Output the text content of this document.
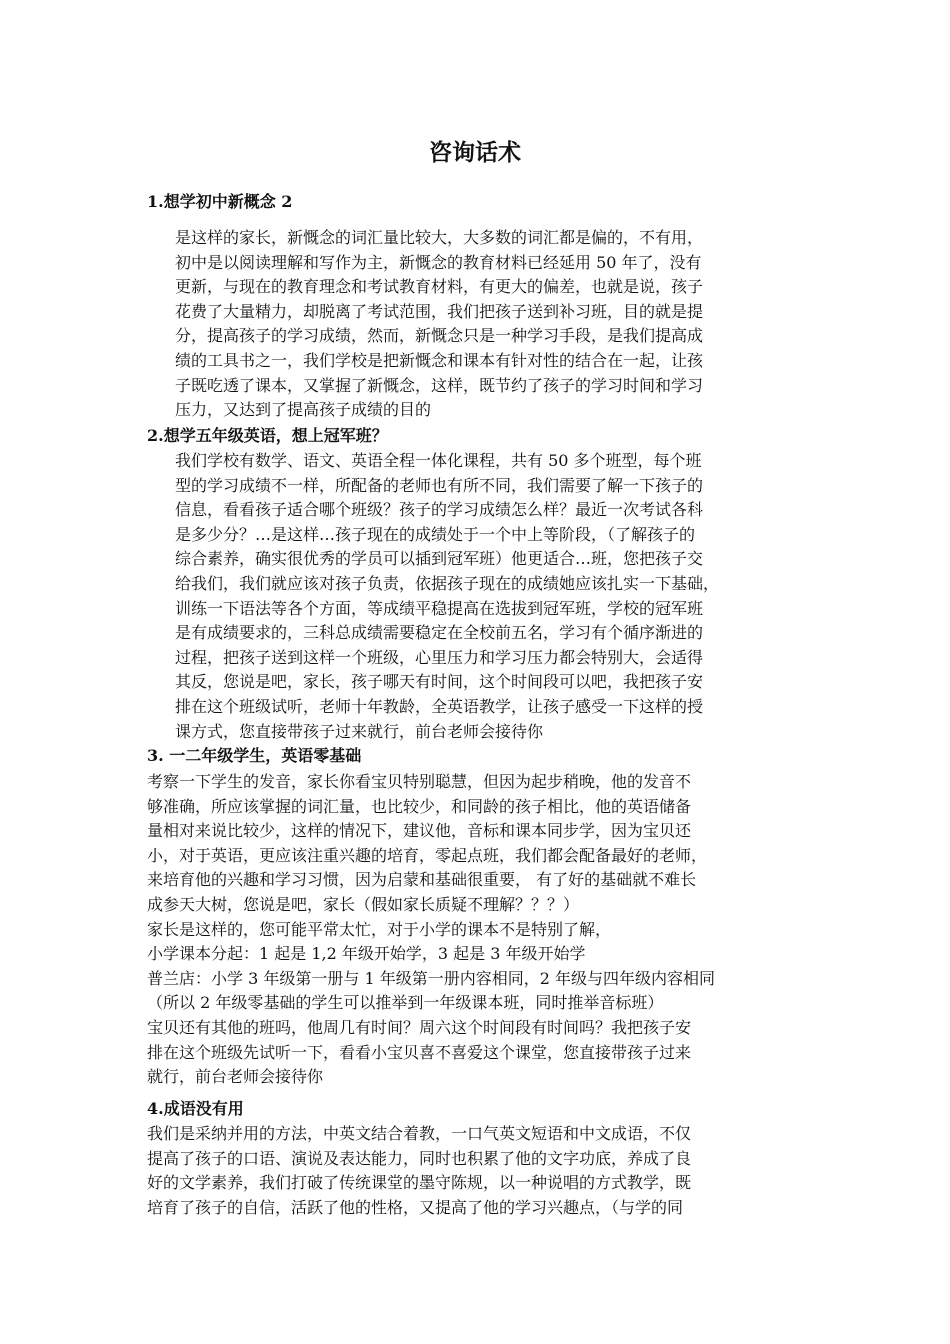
咨询话术
1.想学初中新概念 2
是这样的家长，新慨念的词汇量比较大，大多数的词汇都是偏的，不有用，
初中是以阅读理解和写作为主，新慨念的教育材料已经延用 50 年了，没有
更新，与现在的教育理念和考试教育材料，有更大的偏差，也就是说，孩子
花费了大量精力，却脱离了考试范围，我们把孩子送到补习班，目的就是提
分，提高孩子的学习成绩，然而，新慨念只是一种学习手段，是我们提高成
绩的工具书之一，我们学校是把新慨念和课本有针对性的结合在一起，让孩
子既吃透了课本，又掌握了新慨念，这样，既节约了孩子的学习时间和学习
压力，又达到了提高孩子成绩的目的
2.想学五年级英语，想上冠军班？
我们学校有数学、语文、英语全程一体化课程，共有 50 多个班型，每个班
型的学习成绩不一样，所配备的老师也有所不同，我们需要了解一下孩子的
信息，看看孩子适合哪个班级？孩子的学习成绩怎么样？最近一次考试各科
是多少分？…是这样…孩子现在的成绩处于一个中上等阶段，（了解孩子的
综合素养，确实很优秀的学员可以插到冠军班）他更适合…班，您把孩子交
给我们，我们就应该对孩子负责，依据孩子现在的成绩她应该扎实一下基础，
训练一下语法等各个方面，等成绩平稳提高在选拔到冠军班，学校的冠军班
是有成绩要求的，三科总成绩需要稳定在全校前五名，学习有个循序渐进的
过程，把孩子送到这样一个班级，心里压力和学习压力都会特别大，会适得
其反，您说是吧，家长，孩子哪天有时间，这个时间段可以吧，我把孩子安
排在这个班级试听，老师十年教龄，全英语教学，让孩子感受一下这样的授
课方式，您直接带孩子过来就行，前台老师会接待你
3. 一二年级学生，英语零基础
考察一下学生的发音，家长你看宝贝特别聪慧，但因为起步稍晚，他的发音不
够准确，所应该掌握的词汇量，也比较少，和同龄的孩子相比，他的英语储备
量相对来说比较少，这样的情况下，建议他，音标和课本同步学，因为宝贝还
小，对于英语，更应该注重兴趣的培育，零起点班，我们都会配备最好的老师，
来培育他的兴趣和学习习惯，因为启蒙和基础很重要， 有了好的基础就不难长
成参天大树，您说是吧，家长（假如家长质疑不理解？？？）
家长是这样的，您可能平常太忙，对于小学的课本不是特别了解，
小学课本分起：1 起是 1,2 年级开始学，3 起是 3 年级开始学
普兰店：小学 3 年级第一册与 1 年级第一册内容相同，2 年级与四年级内容相同
（所以 2 年级零基础的学生可以推举到一年级课本班，同时推举音标班）
宝贝还有其他的班吗，他周几有时间？周六这个时间段有时间吗？我把孩子安
排在这个班级先试听一下，看看小宝贝喜不喜爱这个课堂，您直接带孩子过来
就行，前台老师会接待你
4.成语没有用
我们是采纳并用的方法，中英文结合着教，一口气英文短语和中文成语，不仅
提高了孩子的口语、演说及表达能力，同时也积累了他的文字功底，养成了良
好的文学素养，我们打破了传统课堂的墨守陈规，以一种说唱的方式教学，既
培育了孩子的自信，活跃了他的性格，又提高了他的学习兴趣点，（与学的同
